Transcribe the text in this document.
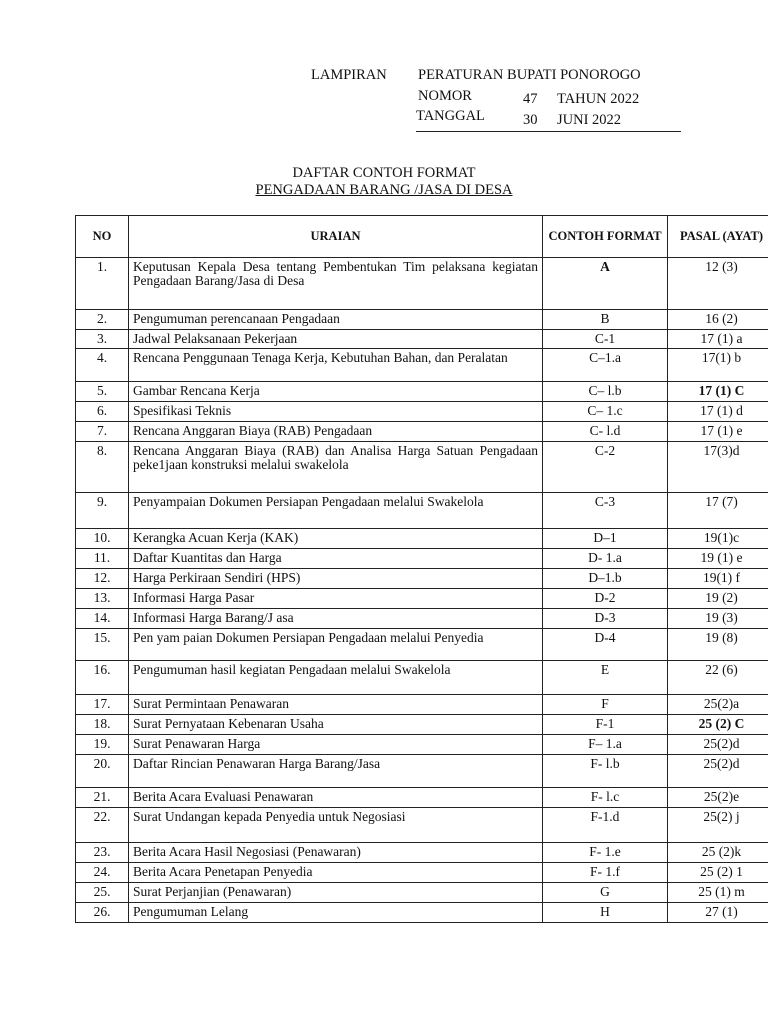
LAMPIRAN PERATURAN BUPATI PONOROGO
NOMOR	47 TAHUN 2022
TANGGAL	30 JUNI 2022
DAFTAR CONTOH FORMAT
PENGADAAN BARANG /JASA DI DESA
NO	URAIAN	CONTOH FORMAT	PASAL (AYAT)
1.	Keputusan Kepala Desa tentang Pembentukan Tim pelaksana kegiatan Pengadaan Barang/Jasa di Desa	A	12 (3)
2.	Pengumuman perencanaan Pengadaan	B	16 (2)
3.	Jadwal Pelaksanaan Pekerjaan	C-1	17 (1) a
4.	Rencana Penggunaan Tenaga Kerja, Kebutuhan Bahan, dan Peralatan	C–1.a	17(1) b
5.	Gambar Rencana Kerja	C– l.b	17 (1) C
6.	Spesifikasi Teknis	C– 1.c	17 (1) d
7.	Rencana Anggaran Biaya (RAB) Pengadaan	C- l.d	17 (1) e
8.	Rencana Anggaran Biaya (RAB) dan Analisa Harga Satuan Pengadaan peke1jaan konstruksi melalui swakelola	C-2	17(3)d
9.	Penyampaian Dokumen Persiapan Pengadaan melalui Swakelola	C-3	17 (7)
10.	Kerangka Acuan Kerja (KAK)	D–1	19(1)c
11.	Daftar Kuantitas dan Harga	D- 1.a	19 (1) e
12.	Harga Perkiraan Sendiri (HPS)	D–1.b	19(1) f
13.	Informasi Harga Pasar	D-2	19 (2)
14.	Informasi Harga Barang/J asa	D-3	19 (3)
15.	Pen yam paian Dokumen Persiapan Pengadaan melalui Penyedia	D-4	19 (8)
16.	Pengumuman hasil kegiatan Pengadaan melalui Swakelola	E	22 (6)
17.	Surat Permintaan Penawaran	F	25(2)a
18.	Surat Pernyataan Kebenaran Usaha	F-1	25 (2) C
19.	Surat Penawaran Harga	F– 1.a	25(2)d
20.	Daftar Rincian Penawaran Harga Barang/Jasa	F- l.b	25(2)d
21.	Berita Acara Evaluasi Penawaran	F- l.c	25(2)e
22.	Surat Undangan kepada Penyedia untuk Negosiasi	F-1.d	25(2) j
23.	Berita Acara Hasil Negosiasi (Penawaran)	F- 1.e	25 (2)k
24.	Berita Acara Penetapan Penyedia	F- 1.f	25 (2) 1
25.	Surat Perjanjian (Penawaran)	G	25 (1) m
26.	Pengumuman Lelang	H	27 (1)
